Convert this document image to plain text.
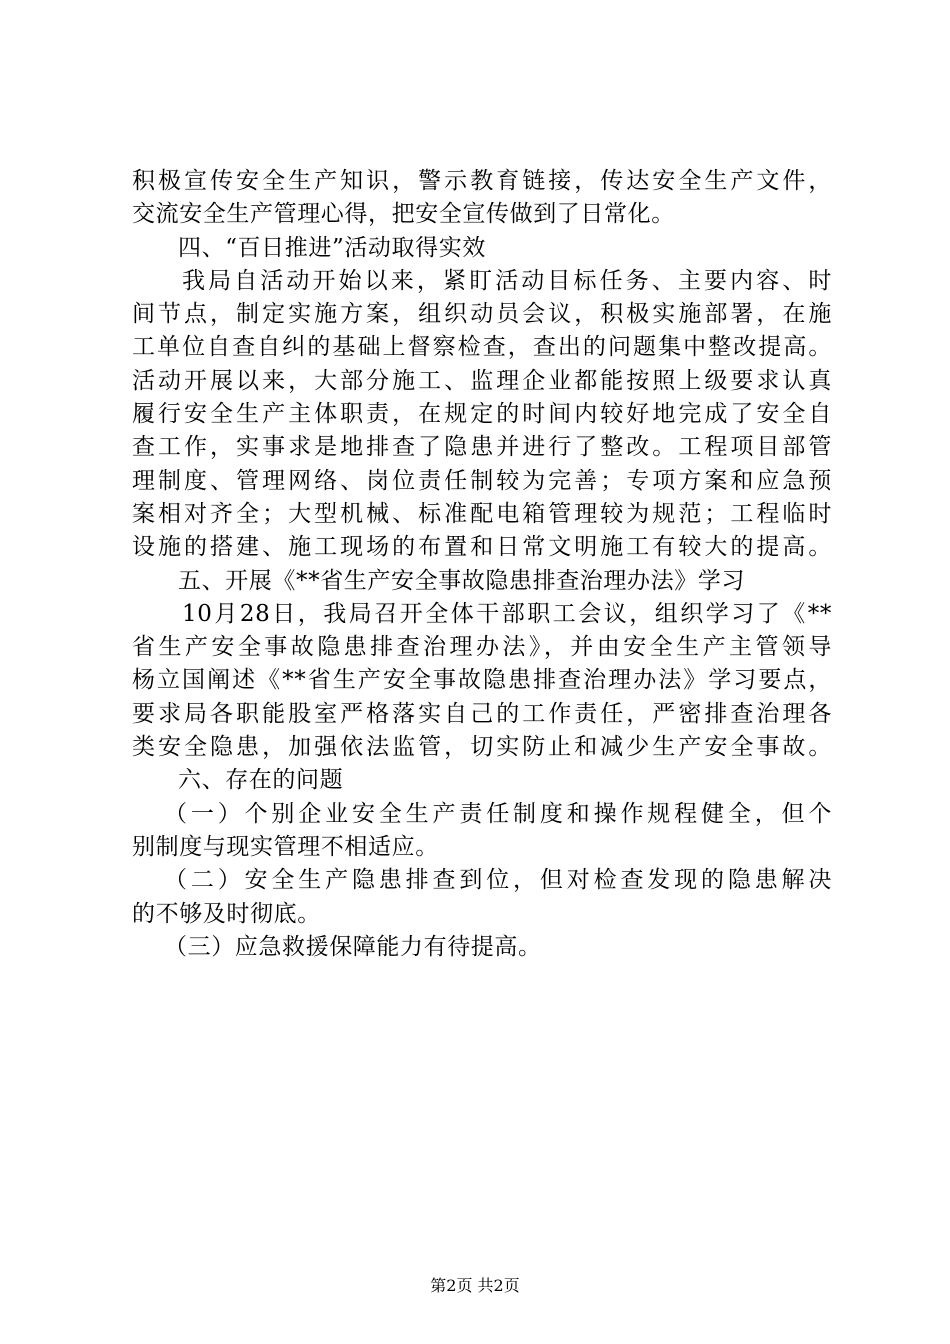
积极宣传安全生产知识，警示教育链接，传达安全生产文件，
交流安全生产管理心得，把安全宣传做到了日常化。
四、“百日推进”活动取得实效
我局自活动开始以来，紧盯活动目标任务、主要内容、时
间节点，制定实施方案，组织动员会议，积极实施部署，在施
工单位自查自纠的基础上督察检查，查出的问题集中整改提高。
活动开展以来，大部分施工、监理企业都能按照上级要求认真
履行安全生产主体职责，在规定的时间内较好地完成了安全自
查工作，实事求是地排查了隐患并进行了整改。工程项目部管
理制度、管理网络、岗位责任制较为完善；专项方案和应急预
案相对齐全；大型机械、标准配电箱管理较为规范；工程临时
设施的搭建、施工现场的布置和日常文明施工有较大的提高。
五、开展《**省生产安全事故隐患排查治理办法》学习
10月28日，我局召开全体干部职工会议，组织学习了《**
省生产安全事故隐患排查治理办法》，并由安全生产主管领导
杨立国阐述《**省生产安全事故隐患排查治理办法》学习要点，
要求局各职能股室严格落实自己的工作责任，严密排查治理各
类安全隐患，加强依法监管，切实防止和减少生产安全事故。
六、存在的问题
（一）个别企业安全生产责任制度和操作规程健全，但个
别制度与现实管理不相适应。
（二）安全生产隐患排查到位，但对检查发现的隐患解决
的不够及时彻底。
（三）应急救援保障能力有待提高。
第2页 共2页
